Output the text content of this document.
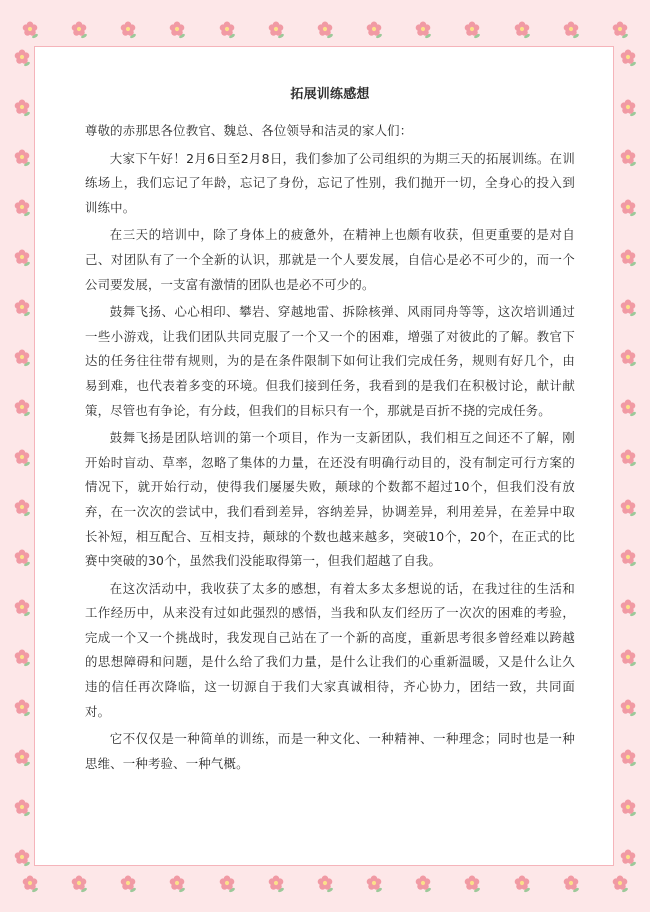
拓展训练感想
尊敬的赤那思各位教官、魏总、各位领导和洁灵的家人们：

大家下午好！2月6日至2月8日，我们参加了公司组织的为期三天的拓展训练。在训练场上，我们忘记了年龄，忘记了身份，忘记了性别，我们抛开一切，全身心的投入到训练中。

在三天的培训中，除了身体上的疲惫外，在精神上也颇有收获，但更重要的是对自己、对团队有了一个全新的认识，那就是一个人要发展，自信心是必不可少的，而一个公司要发展，一支富有激情的团队也是必不可少的。

鼓舞飞扬、心心相印、攀岩、穿越地雷、拆除核弹、风雨同舟等等，这次培训通过一些小游戏，让我们团队共同克服了一个又一个的困难，增强了对彼此的了解。教官下达的任务往往带有规则，为的是在条件限制下如何让我们完成任务，规则有好几个，由易到难，也代表着多变的环境。但我们接到任务，我看到的是我们在积极讨论，献计献策，尽管也有争论，有分歧，但我们的目标只有一个，那就是百折不挠的完成任务。

鼓舞飞扬是团队培训的第一个项目，作为一支新团队，我们相互之间还不了解，刚开始时盲动、草率，忽略了集体的力量，在还没有明确行动目的，没有制定可行方案的情况下，就开始行动，使得我们屡屡失败，颠球的个数都不超过10个，但我们没有放弃，在一次次的尝试中，我们看到差异，容纳差异，协调差异，利用差异，在差异中取长补短，相互配合、互相支持，颠球的个数也越来越多，突破10个，20个，在正式的比赛中突破的30个，虽然我们没能取得第一，但我们超越了自我。

在这次活动中，我收获了太多的感想，有着太多太多想说的话，在我过往的生活和工作经历中，从来没有过如此强烈的感悟，当我和队友们经历了一次次的困难的考验，完成一个又一个挑战时，我发现自己站在了一个新的高度，重新思考很多曾经难以跨越的思想障碍和问题，是什么给了我们力量，是什么让我们的心重新温暖，又是什么让久违的信任再次降临，这一切源自于我们大家真诚相待，齐心协力，团结一致，共同面对。

它不仅仅是一种简单的训练，而是一种文化、一种精神、一种理念；同时也是一种思维、一种考验、一种气概。
